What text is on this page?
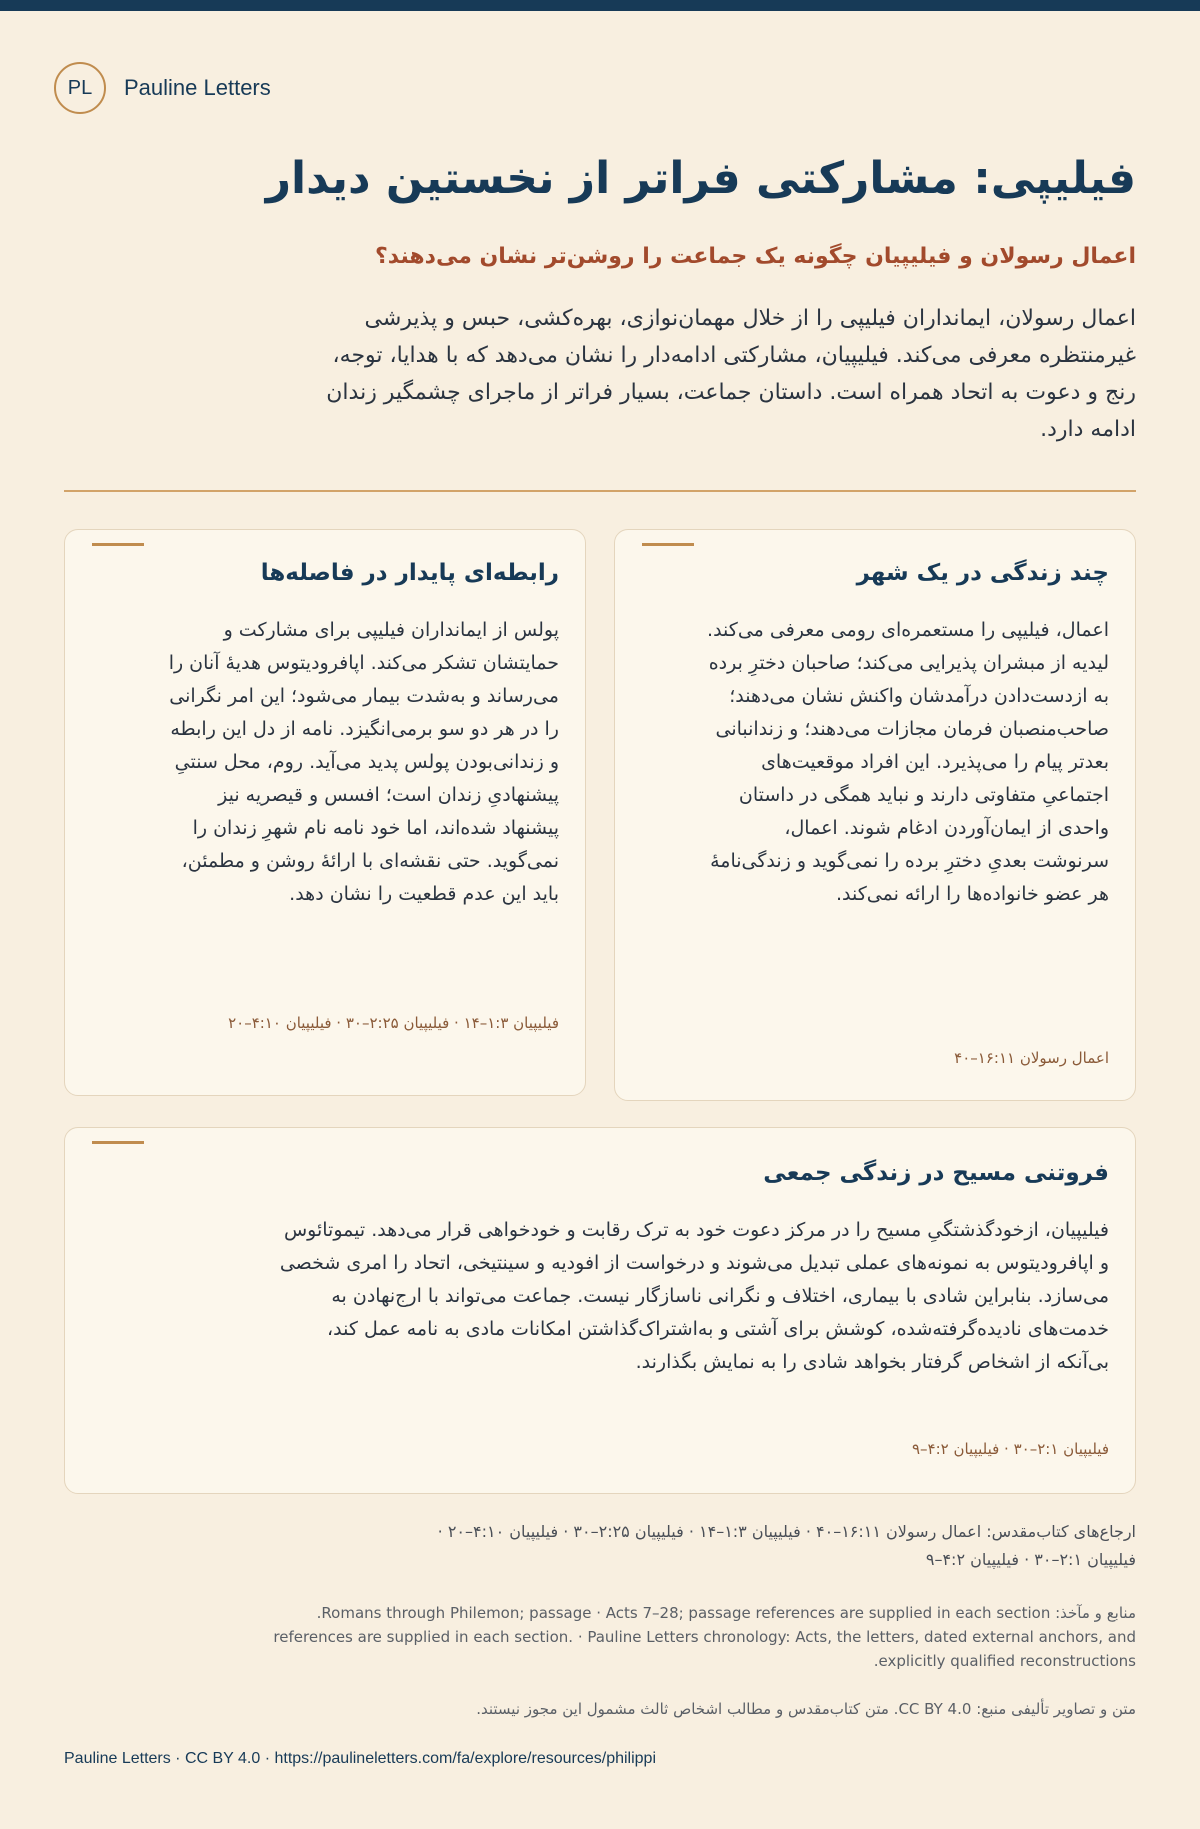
PL	Pauline Letters
فیلیپی: مشارکتی فراتر از نخستین دیدار
اعمال رسولان و فیلیپیان چگونه یک جماعت را روشن‌تر نشان می‌دهند؟

اعمال رسولان، ایمانداران فیلیپی را از خلال مهمان‌نوازی، بهره‌کشی، حبس و پذیرشی غیرمنتظره معرفی می‌کند. فیلیپیان، مشارکتی ادامه‌دار را نشان می‌دهد که با هدایا، توجه، رنج و دعوت به اتحاد همراه است. داستان جماعت، بسیار فراتر از ماجرای چشمگیر زندان ادامه دارد.

چند زندگی در یک شهر

اعمال، فیلیپی را مستعمره‌ای رومی معرفی می‌کند. لیدیه از مبشران پذیرایی می‌کند؛ صاحبان دخترِ برده به ازدست‌دادن درآمدشان واکنش نشان می‌دهند؛ صاحب‌منصبان فرمان مجازات می‌دهند؛ و زندانبانی بعدتر پیام را می‌پذیرد. این افراد موقعیت‌های اجتماعیِ متفاوتی دارند و نباید همگی در داستان واحدی از ایمان‌آوردن ادغام شوند. اعمال، سرنوشت بعدیِ دخترِ برده را نمی‌گوید و زندگی‌نامهٔ هر عضو خانواده‌ها را ارائه نمی‌کند.

اعمال رسولان ۱۶:۱۱–۴۰
رابطه‌ای پایدار در فاصله‌ها

پولس از ایمانداران فیلیپی برای مشارکت و حمایتشان تشکر می‌کند. اپافرودیتوس هدیهٔ آنان را می‌رساند و به‌شدت بیمار می‌شود؛ این امر نگرانی را در هر دو سو برمی‌انگیزد. نامه از دل این رابطه و زندانی‌بودن پولس پدید می‌آید. روم، محل سنتیِ پیشنهادیِ زندان است؛ افسس و قیصریه نیز پیشنهاد شده‌اند، اما خود نامه نام شهرِ زندان را نمی‌گوید. حتی نقشه‌ای با ارائهٔ روشن و مطمئن، باید این عدم قطعیت را نشان دهد.

فیلیپیان ۱:۳–۱۴ · فیلیپیان ۲:۲۵–۳۰ · فیلیپیان ۴:۱۰–۲۰
فروتنی مسیح در زندگی جمعی

فیلیپیان، ازخودگذشتگیِ مسیح را در مرکز دعوت خود به ترک رقابت و خودخواهی قرار می‌دهد. تیموتائوس و اپافرودیتوس به نمونه‌های عملی تبدیل می‌شوند و درخواست از افودیه و سینتیخی، اتحاد را امری شخصی می‌سازد. بنابراین شادی با بیماری، اختلاف و نگرانی ناسازگار نیست. جماعت می‌تواند با ارج‌نهادن به خدمت‌های نادیده‌گرفته‌شده، کوشش برای آشتی و به‌اشتراک‌گذاشتن امکانات مادی به نامه عمل کند، بی‌آنکه از اشخاص گرفتار بخواهد شادی را به نمایش بگذارند.

فیلیپیان ۲:۱–۳۰ · فیلیپیان ۴:۲–۹
ارجاع‌های کتاب‌مقدس: اعمال رسولان ۱۶:۱۱–۴۰ · فیلیپیان ۱:۳–۱۴ · فیلیپیان ۲:۲۵–۳۰ · فیلیپیان ۴:۱۰–۲۰ ·
فیلیپیان ۲:۱–۳۰ · فیلیپیان ۴:۲–۹
منابع و مآخذ: Romans through Philemon; passage · Acts 7–28; passage references are supplied in each section.
references are supplied in each section. · Pauline Letters chronology: Acts, the letters, dated external anchors, and
explicitly qualified reconstructions.
متن و تصاویر تألیفی منبع: CC BY 4.0. متن کتاب‌مقدس و مطالب اشخاص ثالث مشمول این مجوز نیستند.
Pauline Letters · CC BY 4.0 · https://paulineletters.com/fa/explore/resources/philippi
